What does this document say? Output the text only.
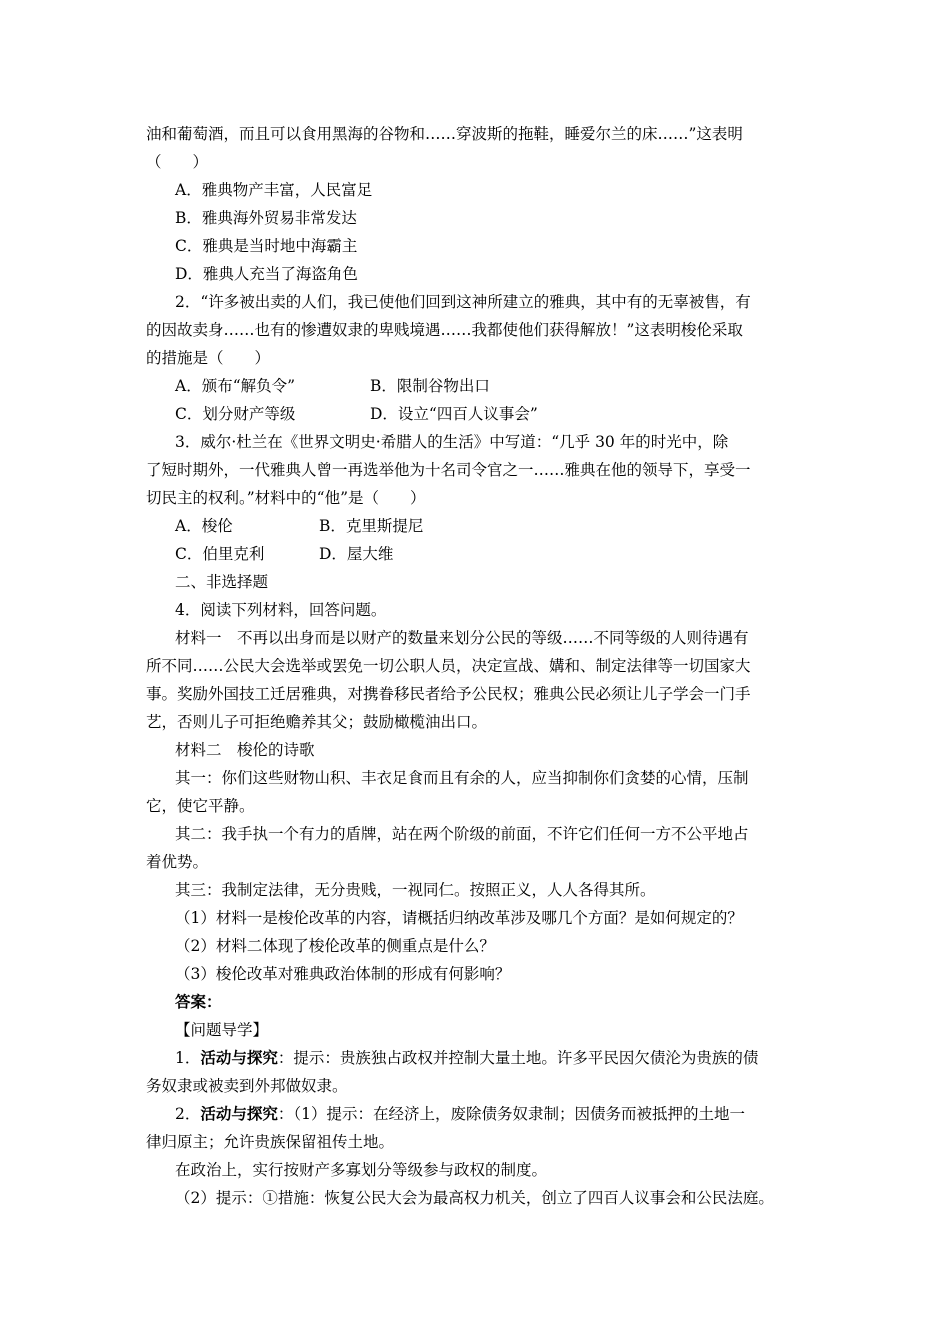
油和葡萄酒，而且可以食用黑海的谷物和……穿波斯的拖鞋，睡爱尔兰的床……”这表明
（　　）
A．雅典物产丰富，人民富足
B．雅典海外贸易非常发达
C．雅典是当时地中海霸主
D．雅典人充当了海盗角色
2．“许多被出卖的人们，我已使他们回到这神所建立的雅典，其中有的无辜被售，有
的因故卖身……也有的惨遭奴隶的卑贱境遇……我都使他们获得解放！”这表明梭伦采取
的措施是（　　）
A．颁布“解负令”	B．限制谷物出口
C．划分财产等级	D．设立“四百人议事会”
3．威尔·杜兰在《世界文明史·希腊人的生活》中写道：“几乎 30 年的时光中，除
了短时期外，一代雅典人曾一再选举他为十名司令官之一……雅典在他的领导下，享受一
切民主的权利。”材料中的“他”是（　　）
A．梭伦	B．克里斯提尼
C．伯里克利	D．屋大维
二、非选择题
4．阅读下列材料，回答问题。
材料一　不再以出身而是以财产的数量来划分公民的等级……不同等级的人则待遇有
所不同……公民大会选举或罢免一切公职人员，决定宣战、媾和、制定法律等一切国家大
事。奖励外国技工迁居雅典，对携眷移民者给予公民权；雅典公民必须让儿子学会一门手
艺，否则儿子可拒绝赡养其父；鼓励橄榄油出口。
材料二　梭伦的诗歌
其一：你们这些财物山积、丰衣足食而且有余的人，应当抑制你们贪婪的心情，压制
它，使它平静。
其二：我手执一个有力的盾牌，站在两个阶级的前面，不许它们任何一方不公平地占
着优势。
其三：我制定法律，无分贵贱，一视同仁。按照正义，人人各得其所。
（1）材料一是梭伦改革的内容，请概括归纳改革涉及哪几个方面？是如何规定的？
（2）材料二体现了梭伦改革的侧重点是什么？
（3）梭伦改革对雅典政治体制的形成有何影响？
答案：
【问题导学】
1．活动与探究：提示：贵族独占政权并控制大量土地。许多平民因欠债沦为贵族的债
务奴隶或被卖到外邦做奴隶。
2．活动与探究：（1）提示：在经济上，废除债务奴隶制；因债务而被抵押的土地一
律归原主；允许贵族保留祖传土地。
在政治上，实行按财产多寡划分等级参与政权的制度。
（2）提示：①措施：恢复公民大会为最高权力机关，创立了四百人议事会和公民法庭。
